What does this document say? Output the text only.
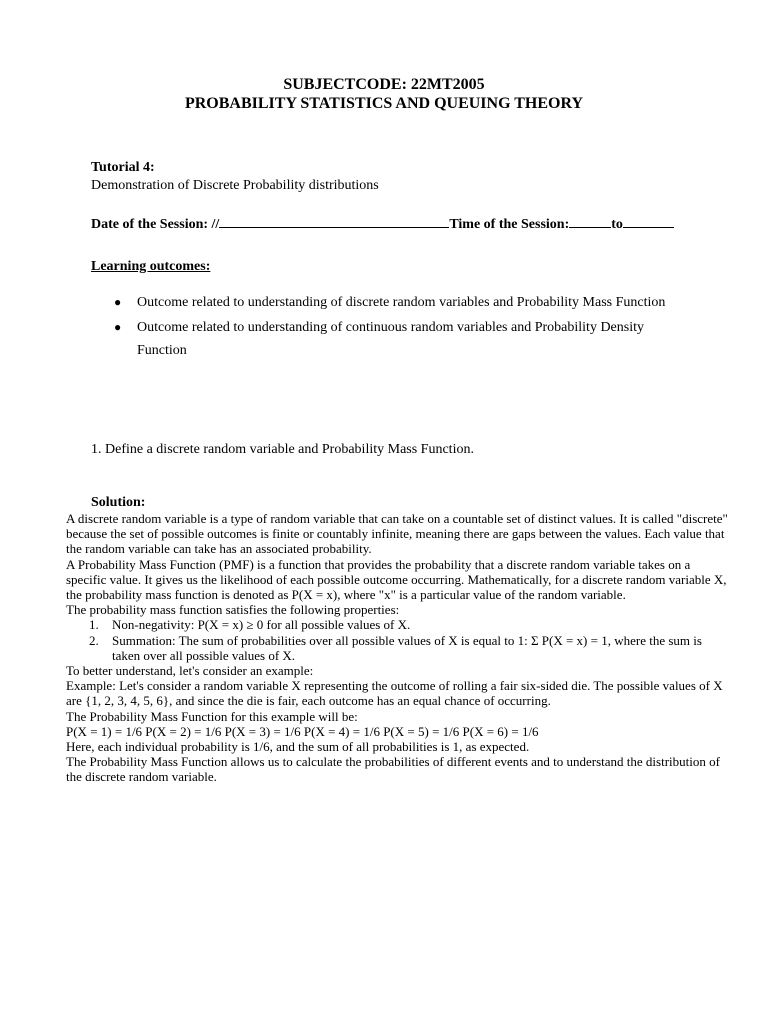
SUBJECTCODE: 22MT2005
PROBABILITY STATISTICS AND QUEUING THEORY
Tutorial 4:
Demonstration of Discrete Probability distributions
Date of the Session: //	Time of the Session:	to
Learning outcomes:
● Outcome related to understanding of discrete random variables and Probability Mass Function
● Outcome related to understanding of continuous random variables and Probability Density
Function
1. Define a discrete random variable and Probability Mass Function.
Solution:

A discrete random variable is a type of random variable that can take on a countable set of distinct values. It is called "discrete" because the set of possible outcomes is finite or countably infinite, meaning there are gaps between the values. Each value that the random variable can take has an associated probability.

A Probability Mass Function (PMF) is a function that provides the probability that a discrete random variable takes on a specific value. It gives us the likelihood of each possible outcome occurring. Mathematically, for a discrete random variable X, the probability mass function is denoted as P(X = x), where "x" is a particular value of the random variable.

The probability mass function satisfies the following properties:

1. Non-negativity: P(X = x) ≥ 0 for all possible values of X.
2. Summation: The sum of probabilities over all possible values of X is equal to 1: Σ P(X = x) = 1, where the sum is taken over all possible values of X.

To better understand, let's consider an example:

Example: Let's consider a random variable X representing the outcome of rolling a fair six-sided die. The possible values of X are {1, 2, 3, 4, 5, 6}, and since the die is fair, each outcome has an equal chance of occurring.

The Probability Mass Function for this example will be:

P(X = 1) = 1/6 P(X = 2) = 1/6 P(X = 3) = 1/6 P(X = 4) = 1/6 P(X = 5) = 1/6 P(X = 6) = 1/6

Here, each individual probability is 1/6, and the sum of all probabilities is 1, as expected.

The Probability Mass Function allows us to calculate the probabilities of different events and to understand the distribution of the discrete random variable.
